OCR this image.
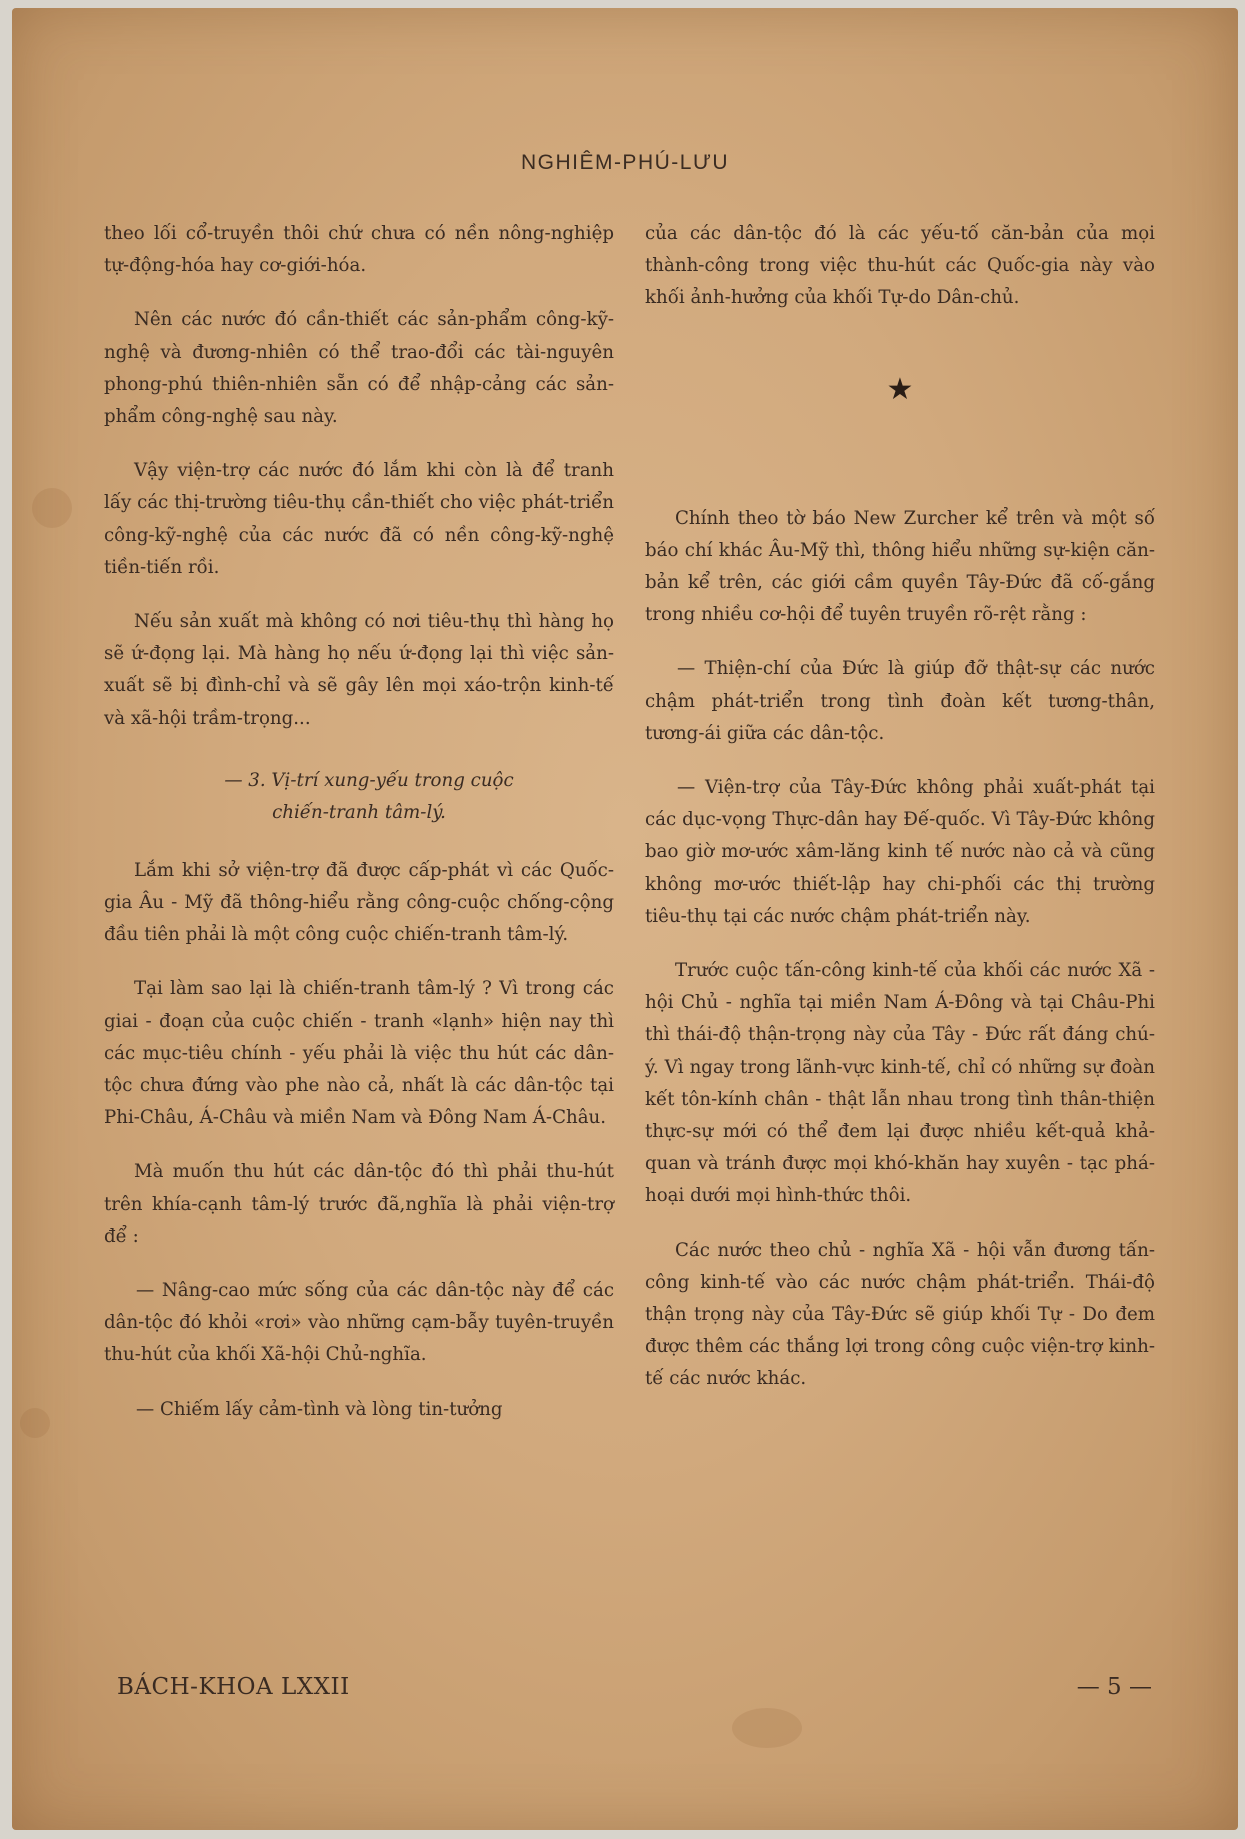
NGHIÊM-PHÚ-LƯU

theo lối cổ-truyền thôi chứ chưa có nền nông-nghiệp tự-động-hóa hay cơ-giới-hóa.

Nên các nước đó cần-thiết các sản-phẩm công-kỹ-nghệ và đương-nhiên có thể trao-đổi các tài-nguyên phong-phú thiên-nhiên sẵn có để nhập-cảng các sản-phẩm công-nghệ sau này.

Vậy viện-trợ các nước đó lắm khi còn là để tranh lấy các thị-trường tiêu-thụ cần-thiết cho việc phát-triển công-kỹ-nghệ của các nước đã có nền công-kỹ-nghệ tiền-tiến rồi.

Nếu sản xuất mà không có nơi tiêu-thụ thì hàng họ sẽ ứ-đọng lại. Mà hàng họ nếu ứ-đọng lại thì việc sản-xuất sẽ bị đình-chỉ và sẽ gây lên mọi xáo-trộn kinh-tế và xã-hội trầm-trọng...

— 3. Vị-trí xung-yếu trong cuộc
chiến-tranh tâm-lý.

Lắm khi sở viện-trợ đã được cấp-phát vì các Quốc-gia Âu - Mỹ đã thông-hiểu rằng công-cuộc chống-cộng đầu tiên phải là một công cuộc chiến-tranh tâm-lý.

Tại làm sao lại là chiến-tranh tâm-lý ? Vì trong các giai - đoạn của cuộc chiến - tranh «lạnh» hiện nay thì các mục-tiêu chính - yếu phải là việc thu hút các dân-tộc chưa đứng vào phe nào cả, nhất là các dân-tộc tại Phi-Châu, Á-Châu và miền Nam và Đông Nam Á-Châu.

Mà muốn thu hút các dân-tộc đó thì phải thu-hút trên khía-cạnh tâm-lý trước đã,nghĩa là phải viện-trợ để :

— Nâng-cao mức sống của các dân-tộc này để các dân-tộc đó khỏi «rơi» vào những cạm-bẫy tuyên-truyền thu-hút của khối Xã-hội Chủ-nghĩa.

— Chiếm lấy cảm-tình và lòng tin-tưởng

của các dân-tộc đó là các yếu-tố căn-bản của mọi thành-công trong việc thu-hút các Quốc-gia này vào khối ảnh-hưởng của khối Tự-do Dân-chủ.

★

Chính theo tờ báo New Zurcher kể trên và một số báo chí khác Âu-Mỹ thì, thông hiểu những sự-kiện căn-bản kể trên, các giới cầm quyền Tây-Đức đã cố-gắng trong nhiều cơ-hội để tuyên truyền rõ-rệt rằng :

— Thiện-chí của Đức là giúp đỡ thật-sự các nước chậm phát-triển trong tình đoàn kết tương-thân, tương-ái giữa các dân-tộc.

— Viện-trợ của Tây-Đức không phải xuất-phát tại các dục-vọng Thực-dân hay Đế-quốc. Vì Tây-Đức không bao giờ mơ-ước xâm-lăng kinh tế nước nào cả và cũng không mơ-ước thiết-lập hay chi-phối các thị trường tiêu-thụ tại các nước chậm phát-triển này.

Trước cuộc tấn-công kinh-tế của khối các nước Xã - hội Chủ - nghĩa tại miền Nam Á-Đông và tại Châu-Phi thì thái-độ thận-trọng này của Tây - Đức rất đáng chú-ý. Vì ngay trong lãnh-vực kinh-tế, chỉ có những sự đoàn kết tôn-kính chân - thật lẫn nhau trong tình thân-thiện thực-sự mới có thể đem lại được nhiều kết-quả khả-quan và tránh được mọi khó-khăn hay xuyên - tạc phá-hoại dưới mọi hình-thức thôi.

Các nước theo chủ - nghĩa Xã - hội vẫn đương tấn-công kinh-tế vào các nước chậm phát-triển. Thái-độ thận trọng này của Tây-Đức sẽ giúp khối Tự - Do đem được thêm các thắng lợi trong công cuộc viện-trợ kinh-tế các nước khác.

BÁCH-KHOA LXXII	— 5 —
